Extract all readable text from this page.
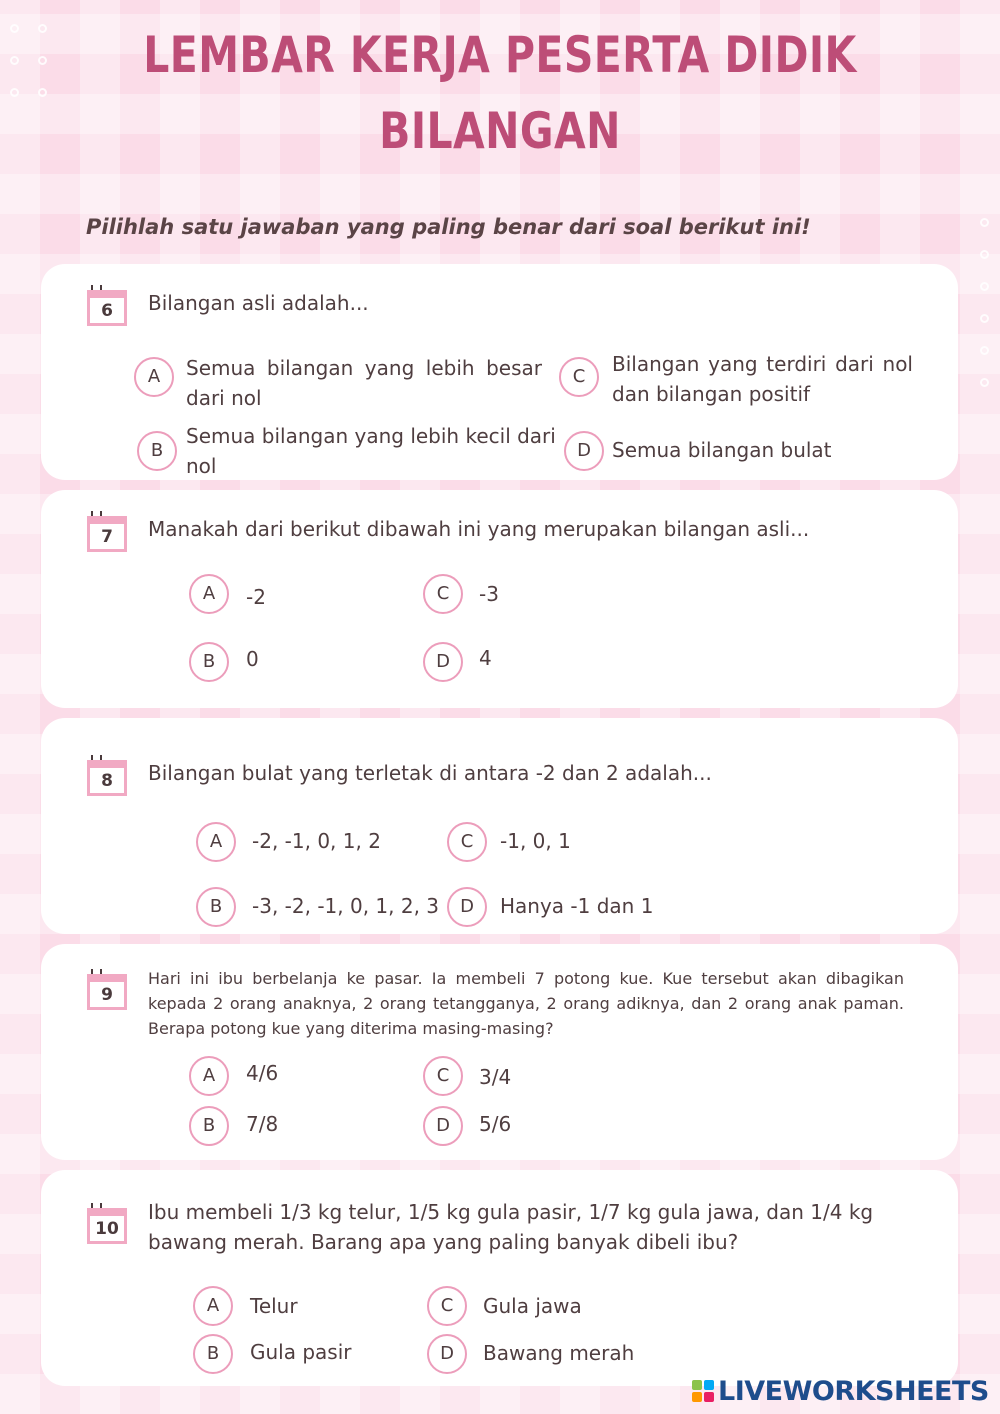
LEMBAR KERJA PESERTA DIDIK
BILANGAN
Pilihlah satu jawaban yang paling benar dari soal berikut ini!
6	Bilangan asli adalah...
A	Semua bilangan yang lebih besar dari nol
B
Semua bilangan yang lebih kecil dari nol
C
Bilangan yang terdiri dari nol dan bilangan positif
D	Semua bilangan bulat
7	Manakah dari berikut dibawah ini yang merupakan bilangan asli...
A	-2
B	0
C	-3
D	4
8	Bilangan bulat yang terletak di antara -2 dan 2 adalah...
A	-2, -1, 0, 1, 2
B	-3, -2, -1, 0, 1, 2, 3
C	-1, 0, 1
D	Hanya -1 dan 1
9
Hari ini ibu berbelanja ke pasar. Ia membeli 7 potong kue. Kue tersebut akan dibagikan kepada 2 orang anaknya, 2 orang tetangganya, 2 orang adiknya, dan 2 orang anak paman. Berapa potong kue yang diterima masing-masing?
A	4/6
B	7/8
C	3/4
D	5/6
10
Ibu membeli 1/3 kg telur, 1/5 kg gula pasir, 1/7 kg gula jawa, dan 1/4 kg bawang merah. Barang apa yang paling banyak dibeli ibu?
A	Telur
B	Gula pasir
C	Gula jawa
D	Bawang merah
LIVEWORKSHEETS
